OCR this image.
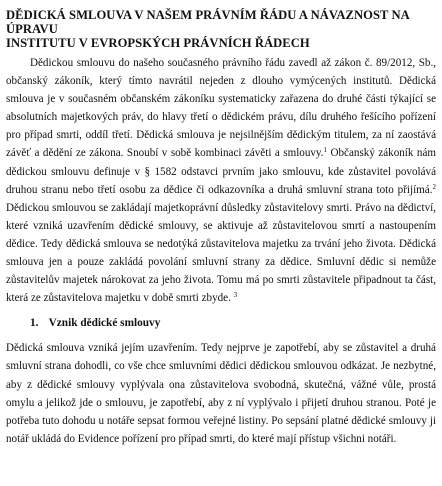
DĚDICKÁ SMLOUVA V NAŠEM PRÁVNÍM ŘÁDU A NÁVAZNOST NA ÚPRAVU
INSTITUTU V EVROPSKÝCH PRÁVNÍCH ŘÁDECH

Dědickou smlouvu do našeho současného právního řádu zavedl až zákon č. 89/2012, Sb., občanský zákoník, který tímto navrátil nejeden z dlouho vymýcených institutů. Dědická smlouva je v současném občanském zákoníku systematicky zařazena do druhé části týkající se absolutních majetkových práv, do hlavy třetí o dědickém právu, dílu druhého řešícího pořízení pro případ smrti, oddíl třetí. Dědická smlouva je nejsilnějším dědickým titulem, za ní zaostává závěť a dědění ze zákona. Snoubí v sobě kombinaci závěti a smlouvy.$^1$ Občanský zákoník nám dědickou smlouvu definuje v § 1582 odstavci prvním jako smlouvu, kde zůstavitel povolává druhou stranu nebo třetí osobu za dědice či odkazovníka a druhá smluvní strana toto přijímá.$^2$ Dědickou smlouvou se zakládají majetkoprávní důsledky zůstavitelovy smrti. Právo na dědictví, které vzniká uzavřením dědické smlouvy, se aktivuje až zůstavitelovou smrtí a nastoupením dědice. Tedy dědická smlouva se nedotýká zůstavitelova majetku za trvání jeho života. Dědická smlouva jen a pouze zakládá povolání smluvní strany za dědice. Smluvní dědic si nemůže zůstavitelův majetek nárokovat za jeho života. Tomu má po smrti zůstavitele připadnout ta část, která ze zůstavitelova majetku v době smrti zbyde. $^3$

1. Vznik dědické smlouvy

Dědická smlouva vzniká jejím uzavřením. Tedy nejprve je zapotřebí, aby se zůstavitel a druhá smluvní strana dohodli, co vše chce smluvními dědici dědickou smlouvou odkázat. Je nezbytné, aby z dědické smlouvy vyplývala ona zůstavitelova svobodná, skutečná, vážné vůle, prostá omylu a jelikož jde o smlouvu, je zapotřebí, aby z ní vyplývalo i přijetí druhou stranou. Poté je potřeba tuto dohodu u notáře sepsat formou veřejné listiny. Po sepsání platné dědické smlouvy ji notář ukládá do Evidence pořízení pro případ smrti, do které mají přístup všichni notáři.
